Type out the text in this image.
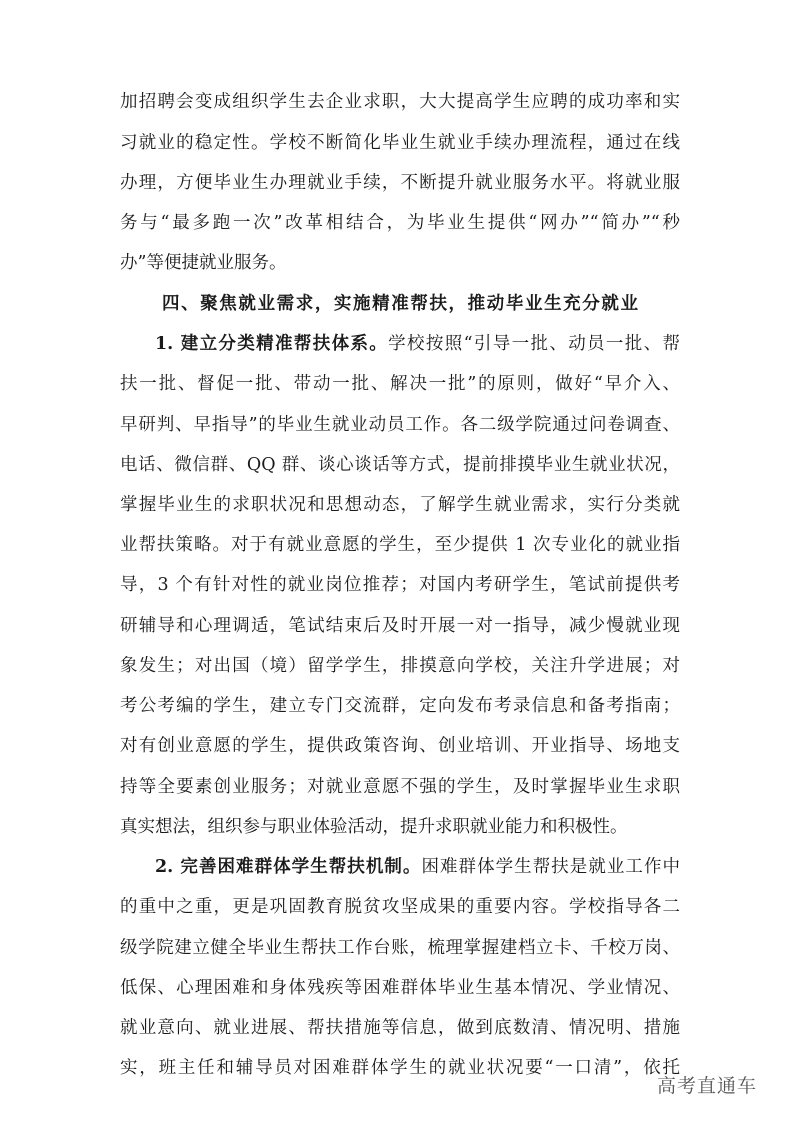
加招聘会变成组织学生去企业求职，大大提高学生应聘的成功率和实
习就业的稳定性。学校不断简化毕业生就业手续办理流程，通过在线
办理，方便毕业生办理就业手续，不断提升就业服务水平。将就业服
务与“最多跑一次”改革相结合，为毕业生提供“网办”“简办”“秒
办”等便捷就业服务。
四、聚焦就业需求，实施精准帮扶，推动毕业生充分就业
1. 建立分类精准帮扶体系。学校按照“引导一批、动员一批、帮
扶一批、督促一批、带动一批、解决一批”的原则，做好“早介入、
早研判、早指导”的毕业生就业动员工作。各二级学院通过问卷调查、
电话、微信群、QQ 群、谈心谈话等方式，提前排摸毕业生就业状况，
掌握毕业生的求职状况和思想动态，了解学生就业需求，实行分类就
业帮扶策略。对于有就业意愿的学生，至少提供 1 次专业化的就业指
导，3 个有针对性的就业岗位推荐；对国内考研学生，笔试前提供考
研辅导和心理调适，笔试结束后及时开展一对一指导，减少慢就业现
象发生；对出国（境）留学学生，排摸意向学校，关注升学进展；对
考公考编的学生，建立专门交流群，定向发布考录信息和备考指南；
对有创业意愿的学生，提供政策咨询、创业培训、开业指导、场地支
持等全要素创业服务；对就业意愿不强的学生，及时掌握毕业生求职
真实想法，组织参与职业体验活动，提升求职就业能力和积极性。
2. 完善困难群体学生帮扶机制。困难群体学生帮扶是就业工作中
的重中之重，更是巩固教育脱贫攻坚成果的重要内容。学校指导各二
级学院建立健全毕业生帮扶工作台账，梳理掌握建档立卡、千校万岗、
低保、心理困难和身体残疾等困难群体毕业生基本情况、学业情况、
就业意向、就业进展、帮扶措施等信息，做到底数清、情况明、措施
实，班主任和辅导员对困难群体学生的就业状况要“一口清”，依托
高考直通车
